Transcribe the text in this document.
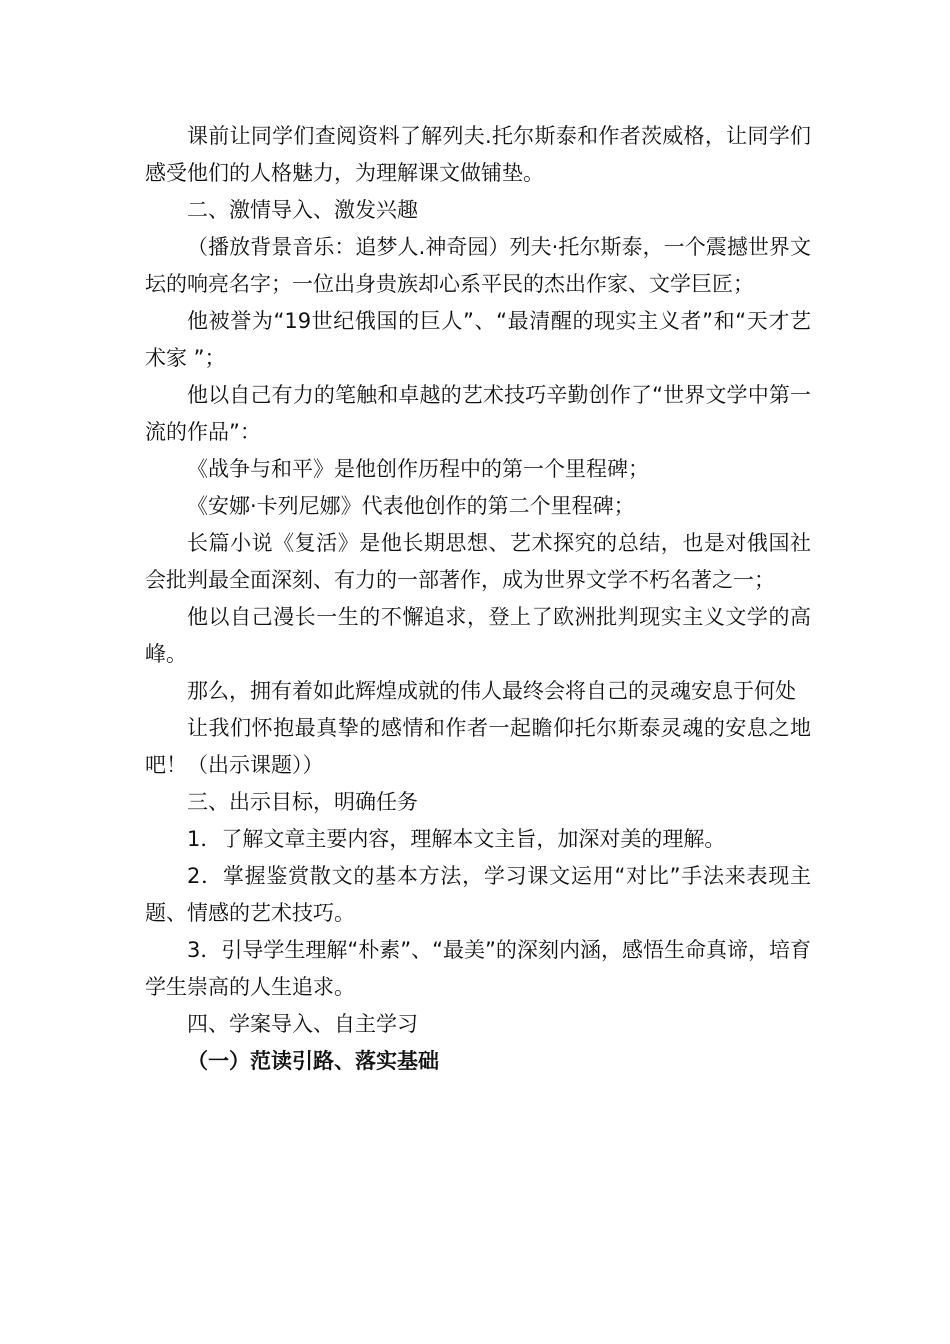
课前让同学们查阅资料了解列夫.托尔斯泰和作者茨威格，让同学们感受他们的人格魅力，为理解课文做铺垫。

二、激情导入、激发兴趣

（播放背景音乐：追梦人.神奇园）列夫·托尔斯泰，一个震撼世界文坛的响亮名字；一位出身贵族却心系平民的杰出作家、文学巨匠；

他被誉为“19世纪俄国的巨人”、“最清醒的现实主义者”和“天才艺术家 ”；

他以自己有力的笔触和卓越的艺术技巧辛勤创作了“世界文学中第一流的作品”：

《战争与和平》是他创作历程中的第一个里程碑；

《安娜·卡列尼娜》代表他创作的第二个里程碑；

长篇小说《复活》是他长期思想、艺术探究的总结，也是对俄国社会批判最全面深刻、有力的一部著作，成为世界文学不朽名著之一；

他以自己漫长一生的不懈追求，登上了欧洲批判现实主义文学的高峰。

那么，拥有着如此辉煌成就的伟人最终会将自己的灵魂安息于何处

让我们怀抱最真挚的感情和作者一起瞻仰托尔斯泰灵魂的安息之地吧！（出示课题））

三、出示目标，明确任务

1．了解文章主要内容，理解本文主旨，加深对美的理解。

2．掌握鉴赏散文的基本方法，学习课文运用“对比”手法来表现主题、情感的艺术技巧。

3．引导学生理解“朴素”、“最美”的深刻内涵，感悟生命真谛，培育学生崇高的人生追求。

四、学案导入、自主学习

（一）范读引路、落实基础
